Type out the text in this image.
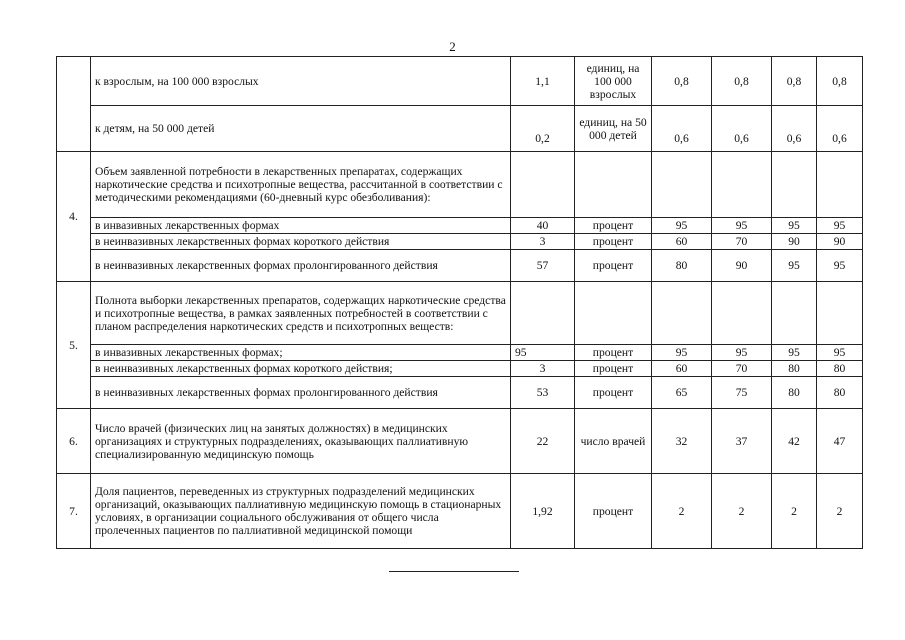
2
	к взрослым, на 100 000 взрослых	1,1	единиц, на 100 000 взрослых	0,8	0,8	0,8	0,8
	к детям, на 50 000 детей	0,2	единиц, на 50 000 детей	0,6	0,6	0,6	0,6
4.	Объем заявленной потребности в лекарственных препаратах, содержащих наркотические средства и психотропные вещества, рассчитанной в соответствии с методическими рекомендациями (60-дневный курс обезболивания):						
	в инвазивных лекарственных формах	40	процент	95	95	95	95
	в неинвазивных лекарственных формах короткого действия	3	процент	60	70	90	90
	в неинвазивных лекарственных формах пролонгированного действия	57	процент	80	90	95	95
5.	Полнота выборки лекарственных препаратов, содержащих наркотические средства и психотропные вещества, в рамках заявленных потребностей в соответствии с планом распределения наркотических средств и психотропных веществ:						
	в инвазивных лекарственных формах;	95	процент	95	95	95	95
	в неинвазивных лекарственных формах короткого действия;	3	процент	60	70	80	80
	в неинвазивных лекарственных формах пролонгированного действия	53	процент	65	75	80	80
6.	Число врачей (физических лиц на занятых должностях) в медицинских организациях и структурных подразделениях, оказывающих паллиативную специализированную медицинскую помощь	22	число врачей	32	37	42	47
7.	Доля пациентов, переведенных из структурных подразделений медицинских организаций, оказывающих паллиативную медицинскую помощь в стационарных условиях, в организации социального обслуживания от общего числа пролеченных пациентов по паллиативной медицинской помощи	1,92	процент	2	2	2	2
